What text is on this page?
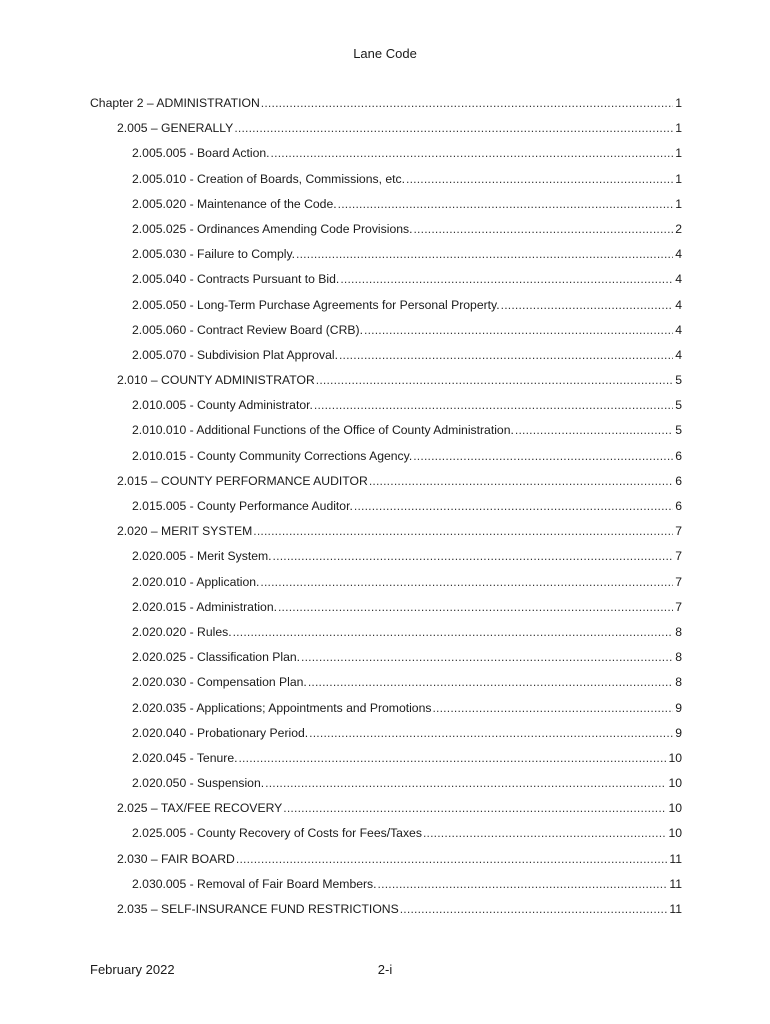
Lane Code
Chapter 2 – ADMINISTRATION . . .	1
2.005 – GENERALLY . . .	1
2.005.005 - Board Action. . . .	1
2.005.010 - Creation of Boards, Commissions, etc. . . .	1
2.005.020 - Maintenance of the Code. . . .	1
2.005.025 - Ordinances Amending Code Provisions. . . .	2
2.005.030 - Failure to Comply. . . .	4
2.005.040 - Contracts Pursuant to Bid. . . .	4
2.005.050 - Long-Term Purchase Agreements for Personal Property. . . .	4
2.005.060 - Contract Review Board (CRB). . . .	4
2.005.070 - Subdivision Plat Approval. . . .	4
2.010 – COUNTY ADMINISTRATOR . . .	5
2.010.005 - County Administrator. . . .	5
2.010.010 - Additional Functions of the Office of County Administration. . . .	5
2.010.015 - County Community Corrections Agency. . . .	6
2.015 – COUNTY PERFORMANCE AUDITOR . . .	6
2.015.005 - County Performance Auditor. . . .	6
2.020 – MERIT SYSTEM . . .	7
2.020.005 - Merit System. . . .	7
2.020.010 - Application. . . .	7
2.020.015 - Administration. . . .	7
2.020.020 - Rules. . . .	8
2.020.025 - Classification Plan. . . .	8
2.020.030 - Compensation Plan. . . .	8
2.020.035 - Applications; Appointments and Promotions . . .	9
2.020.040 - Probationary Period. . . .	9
2.020.045 - Tenure. . . .	10
2.020.050 - Suspension. . . .	10
2.025 – TAX/FEE RECOVERY . . .	10
2.025.005 - County Recovery of Costs for Fees/Taxes . . .	10
2.030 – FAIR BOARD . . .	11
2.030.005 - Removal of Fair Board Members. . . .	11
2.035 – SELF-INSURANCE FUND RESTRICTIONS . . .	11
February 2022	2-i
